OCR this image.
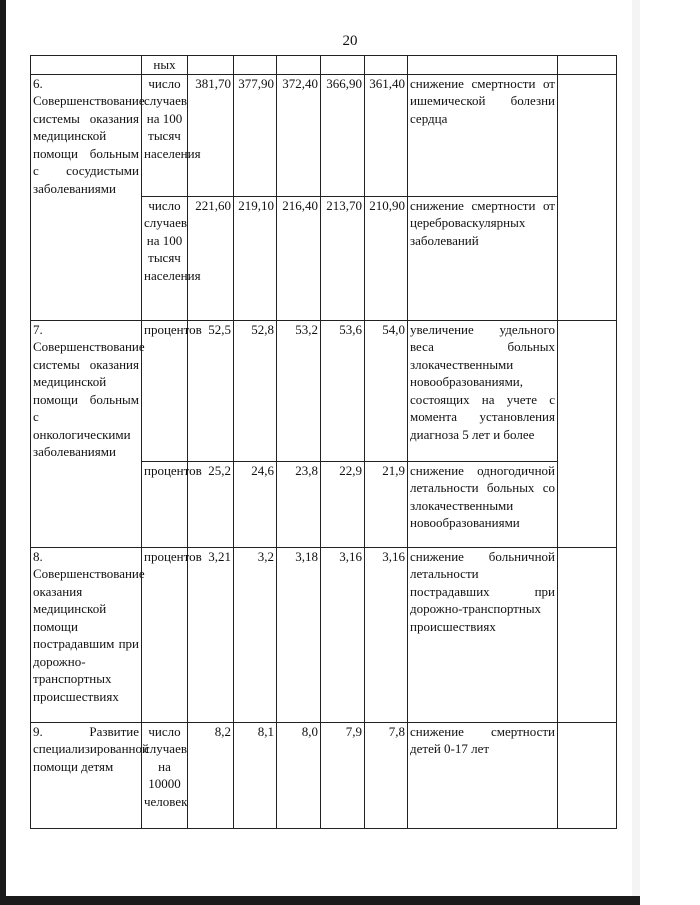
20
	ных							
6. Совершенствование системы оказания медицинской помощи больным с сосудистыми заболеваниями	число случаев на 100 тысяч населения	381,70	377,90	372,40	366,90	361,40	снижение смертности от ишемической болезни сердца	
	число случаев на 100 тысяч населения	221,60	219,10	216,40	213,70	210,90	снижение смертности от цереброваскулярных заболеваний	
7. Совершенствование системы оказания медицинской помощи больным с онкологическими заболеваниями	процентов	52,5	52,8	53,2	53,6	54,0	увеличение удельного веса больных злокачественными новообразованиями, состоящих на учете с момента установления диагноза 5 лет и более	
	процентов	25,2	24,6	23,8	22,9	21,9	снижение одногодичной летальности больных со злокачественными новообразованиями	
8. Совершенствование оказания медицинской помощи пострадавшим при дорожно-транспортных происшествиях	процентов	3,21	3,2	3,18	3,16	3,16	снижение больничной летальности пострадавших при дорожно-транспортных происшествиях	
9. Развитие специализированной помощи детям	число случаев на 10000 человек	8,2	8,1	8,0	7,9	7,8	снижение смертности детей 0-17 лет	
